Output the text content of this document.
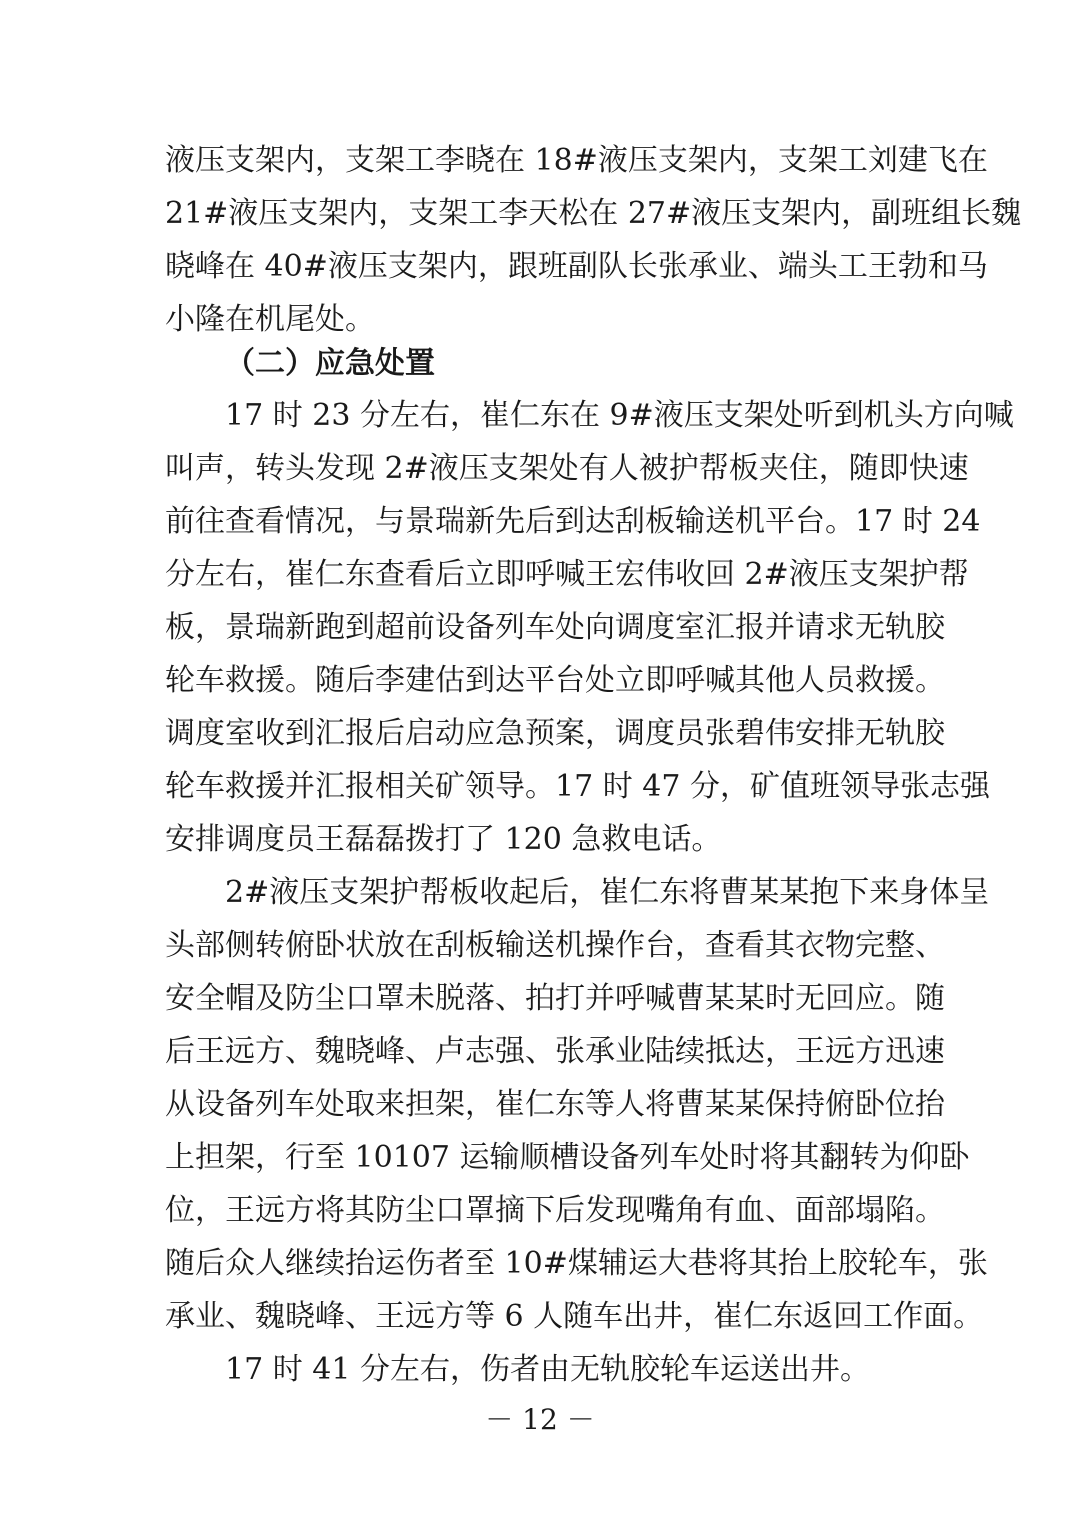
液压支架内，支架工李晓在 18#液压支架内，支架工刘建飞在
21#液压支架内，支架工李天松在 27#液压支架内，副班组长魏
晓峰在 40#液压支架内，跟班副队长张承业、端头工王勃和马
小隆在机尾处。
（二）应急处置
17 时 23 分左右，崔仁东在 9#液压支架处听到机头方向喊
叫声，转头发现 2#液压支架处有人被护帮板夹住，随即快速
前往查看情况，与景瑞新先后到达刮板输送机平台。17 时 24
分左右，崔仁东查看后立即呼喊王宏伟收回 2#液压支架护帮
板，景瑞新跑到超前设备列车处向调度室汇报并请求无轨胶
轮车救援。随后李建估到达平台处立即呼喊其他人员救援。
调度室收到汇报后启动应急预案，调度员张碧伟安排无轨胶
轮车救援并汇报相关矿领导。17 时 47 分，矿值班领导张志强
安排调度员王磊磊拨打了 120 急救电话。
2#液压支架护帮板收起后，崔仁东将曹某某抱下来身体呈
头部侧转俯卧状放在刮板输送机操作台，查看其衣物完整、
安全帽及防尘口罩未脱落、拍打并呼喊曹某某时无回应。随
后王远方、魏晓峰、卢志强、张承业陆续抵达，王远方迅速
从设备列车处取来担架，崔仁东等人将曹某某保持俯卧位抬
上担架，行至 10107 运输顺槽设备列车处时将其翻转为仰卧
位，王远方将其防尘口罩摘下后发现嘴角有血、面部塌陷。
随后众人继续抬运伤者至 10#煤辅运大巷将其抬上胶轮车，张
承业、魏晓峰、王远方等 6 人随车出井，崔仁东返回工作面。
17 时 41 分左右，伤者由无轨胶轮车运送出井。
－ 12 －
